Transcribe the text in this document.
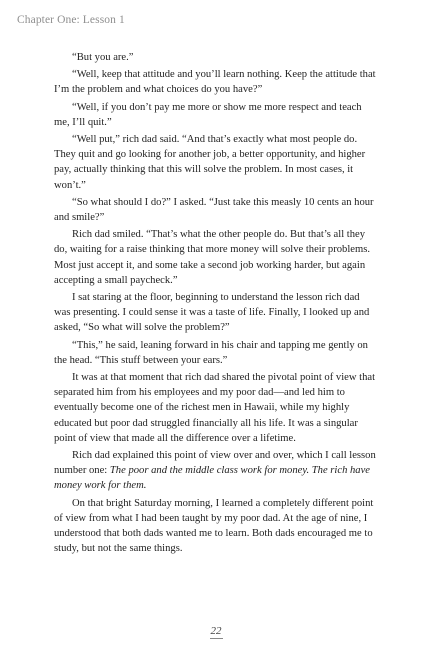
Chapter One: Lesson 1

“But you are.”

“Well, keep that attitude and you’ll learn nothing. Keep the attitude that I’m the problem and what choices do you have?”

“Well, if you don’t pay me more or show me more respect and teach me, I’ll quit.”

“Well put,” rich dad said. “And that’s exactly what most people do. They quit and go looking for another job, a better opportunity, and higher pay, actually thinking that this will solve the problem. In most cases, it won’t.”

“So what should I do?” I asked. “Just take this measly 10 cents an hour and smile?”

Rich dad smiled. “That’s what the other people do. But that’s all they do, waiting for a raise thinking that more money will solve their problems. Most just accept it, and some take a second job working harder, but again accepting a small paycheck.”

I sat staring at the floor, beginning to understand the lesson rich dad was presenting. I could sense it was a taste of life. Finally, I looked up and asked, “So what will solve the problem?”

“This,” he said, leaning forward in his chair and tapping me gently on the head. “This stuff between your ears.”

It was at that moment that rich dad shared the pivotal point of view that separated him from his employees and my poor dad—and led him to eventually become one of the richest men in Hawaii, while my highly educated but poor dad struggled financially all his life. It was a singular point of view that made all the difference over a lifetime.

Rich dad explained this point of view over and over, which I call lesson number one: The poor and the middle class work for money. The rich have money work for them.

On that bright Saturday morning, I learned a completely different point of view from what I had been taught by my poor dad. At the age of nine, I understood that both dads wanted me to learn. Both dads encouraged me to study, but not the same things.

22
